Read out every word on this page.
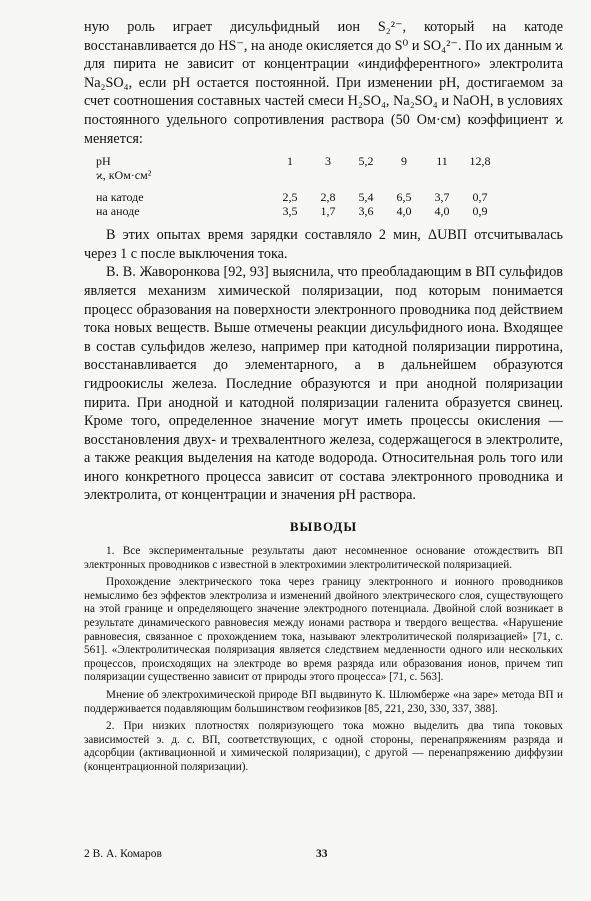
ную роль играет дисульфидный ион S₂²⁻, который на катоде восстанавливается до HS⁻, на аноде окисляется до S⁰ и SO₄²⁻. По их данным ϰ для пирита не зависит от концентрации «индифферентного» электролита Na₂SO₄, если pH остается постоянной. При изменении pH, достигаемом за счет соотношения составных частей смеси H₂SO₄, Na₂SO₄ и NaOH, в условиях постоянного удельного сопротивления раствора (50 Ом·см) коэффициент ϰ меняется:

pH	1	3	5,2	9	11	12,8
ϰ, кОм·см²						

на катоде	2,5	2,8	5,4	6,5	3,7	0,7
на аноде	3,5	1,7	3,6	4,0	4,0	0,9

В этих опытах время зарядки составляло 2 мин, ΔUВП отсчитывалась через 1 с после выключения тока.

В. В. Жаворонкова [92, 93] выяснила, что преобладающим в ВП сульфидов является механизм химической поляризации, под которым понимается процесс образования на поверхности электронного проводника под действием тока новых веществ. Выше отмечены реакции дисульфидного иона. Входящее в состав сульфидов железо, например при катодной поляризации пирротина, восстанавливается до элементарного, а в дальнейшем образуются гидроокислы железа. Последние образуются и при анодной поляризации пирита. При анодной и катодной поляризации галенита образуется свинец. Кроме того, определенное значение могут иметь процессы окисления — восстановления двух- и трехвалентного железа, содержащегося в электролите, а также реакция выделения на катоде водорода. Относительная роль того или иного конкретного процесса зависит от состава электронного проводника и электролита, от концентрации и значения pH раствора.

ВЫВОДЫ

1. Все экспериментальные результаты дают несомненное основание отождествить ВП электронных проводников с известной в электрохимии электролитической поляризацией.

Прохождение электрического тока через границу электронного и ионного проводников немыслимо без эффектов электролиза и изменений двойного электрического слоя, существующего на этой границе и определяющего значение электродного потенциала. Двойной слой возникает в результате динамического равновесия между ионами раствора и твердого вещества. «Нарушение равновесия, связанное с прохождением тока, называют электролитической поляризацией» [71, с. 561]. «Электролитическая поляризация является следствием медленности одного или нескольких процессов, происходящих на электроде во время разряда или образования ионов, причем тип поляризации существенно зависит от природы этого процесса» [71, с. 563].

Мнение об электрохимической природе ВП выдвинуто К. Шлюмберже «на заре» метода ВП и поддерживается подавляющим большинством геофизиков [85, 221, 230, 330, 337, 388].

2. При низких плотностях поляризующего тока можно выделить два типа токовых зависимостей э. д. с. ВП, соответствующих, с одной стороны, перенапряжениям разряда и адсорбции (активационной и химической поляризации), с другой — перенапряжению диффузии (концентрационной поляризации).

2 В. А. Комаров	33
